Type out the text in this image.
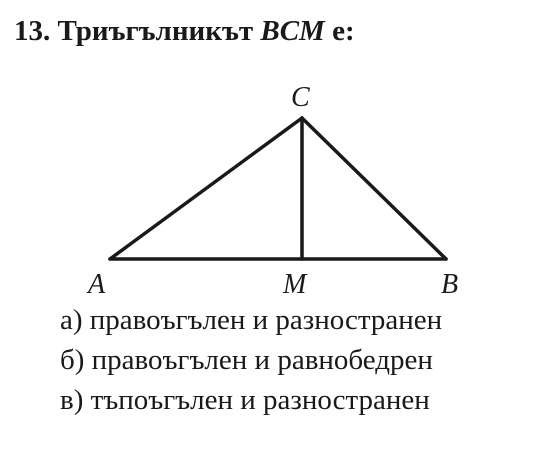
13. Триъгълникът BCM е:
C
A	M	B
а) правоъгълен и разностранен
б) правоъгълен и равнобедрен
в) тъпоъгълен и разностранен
